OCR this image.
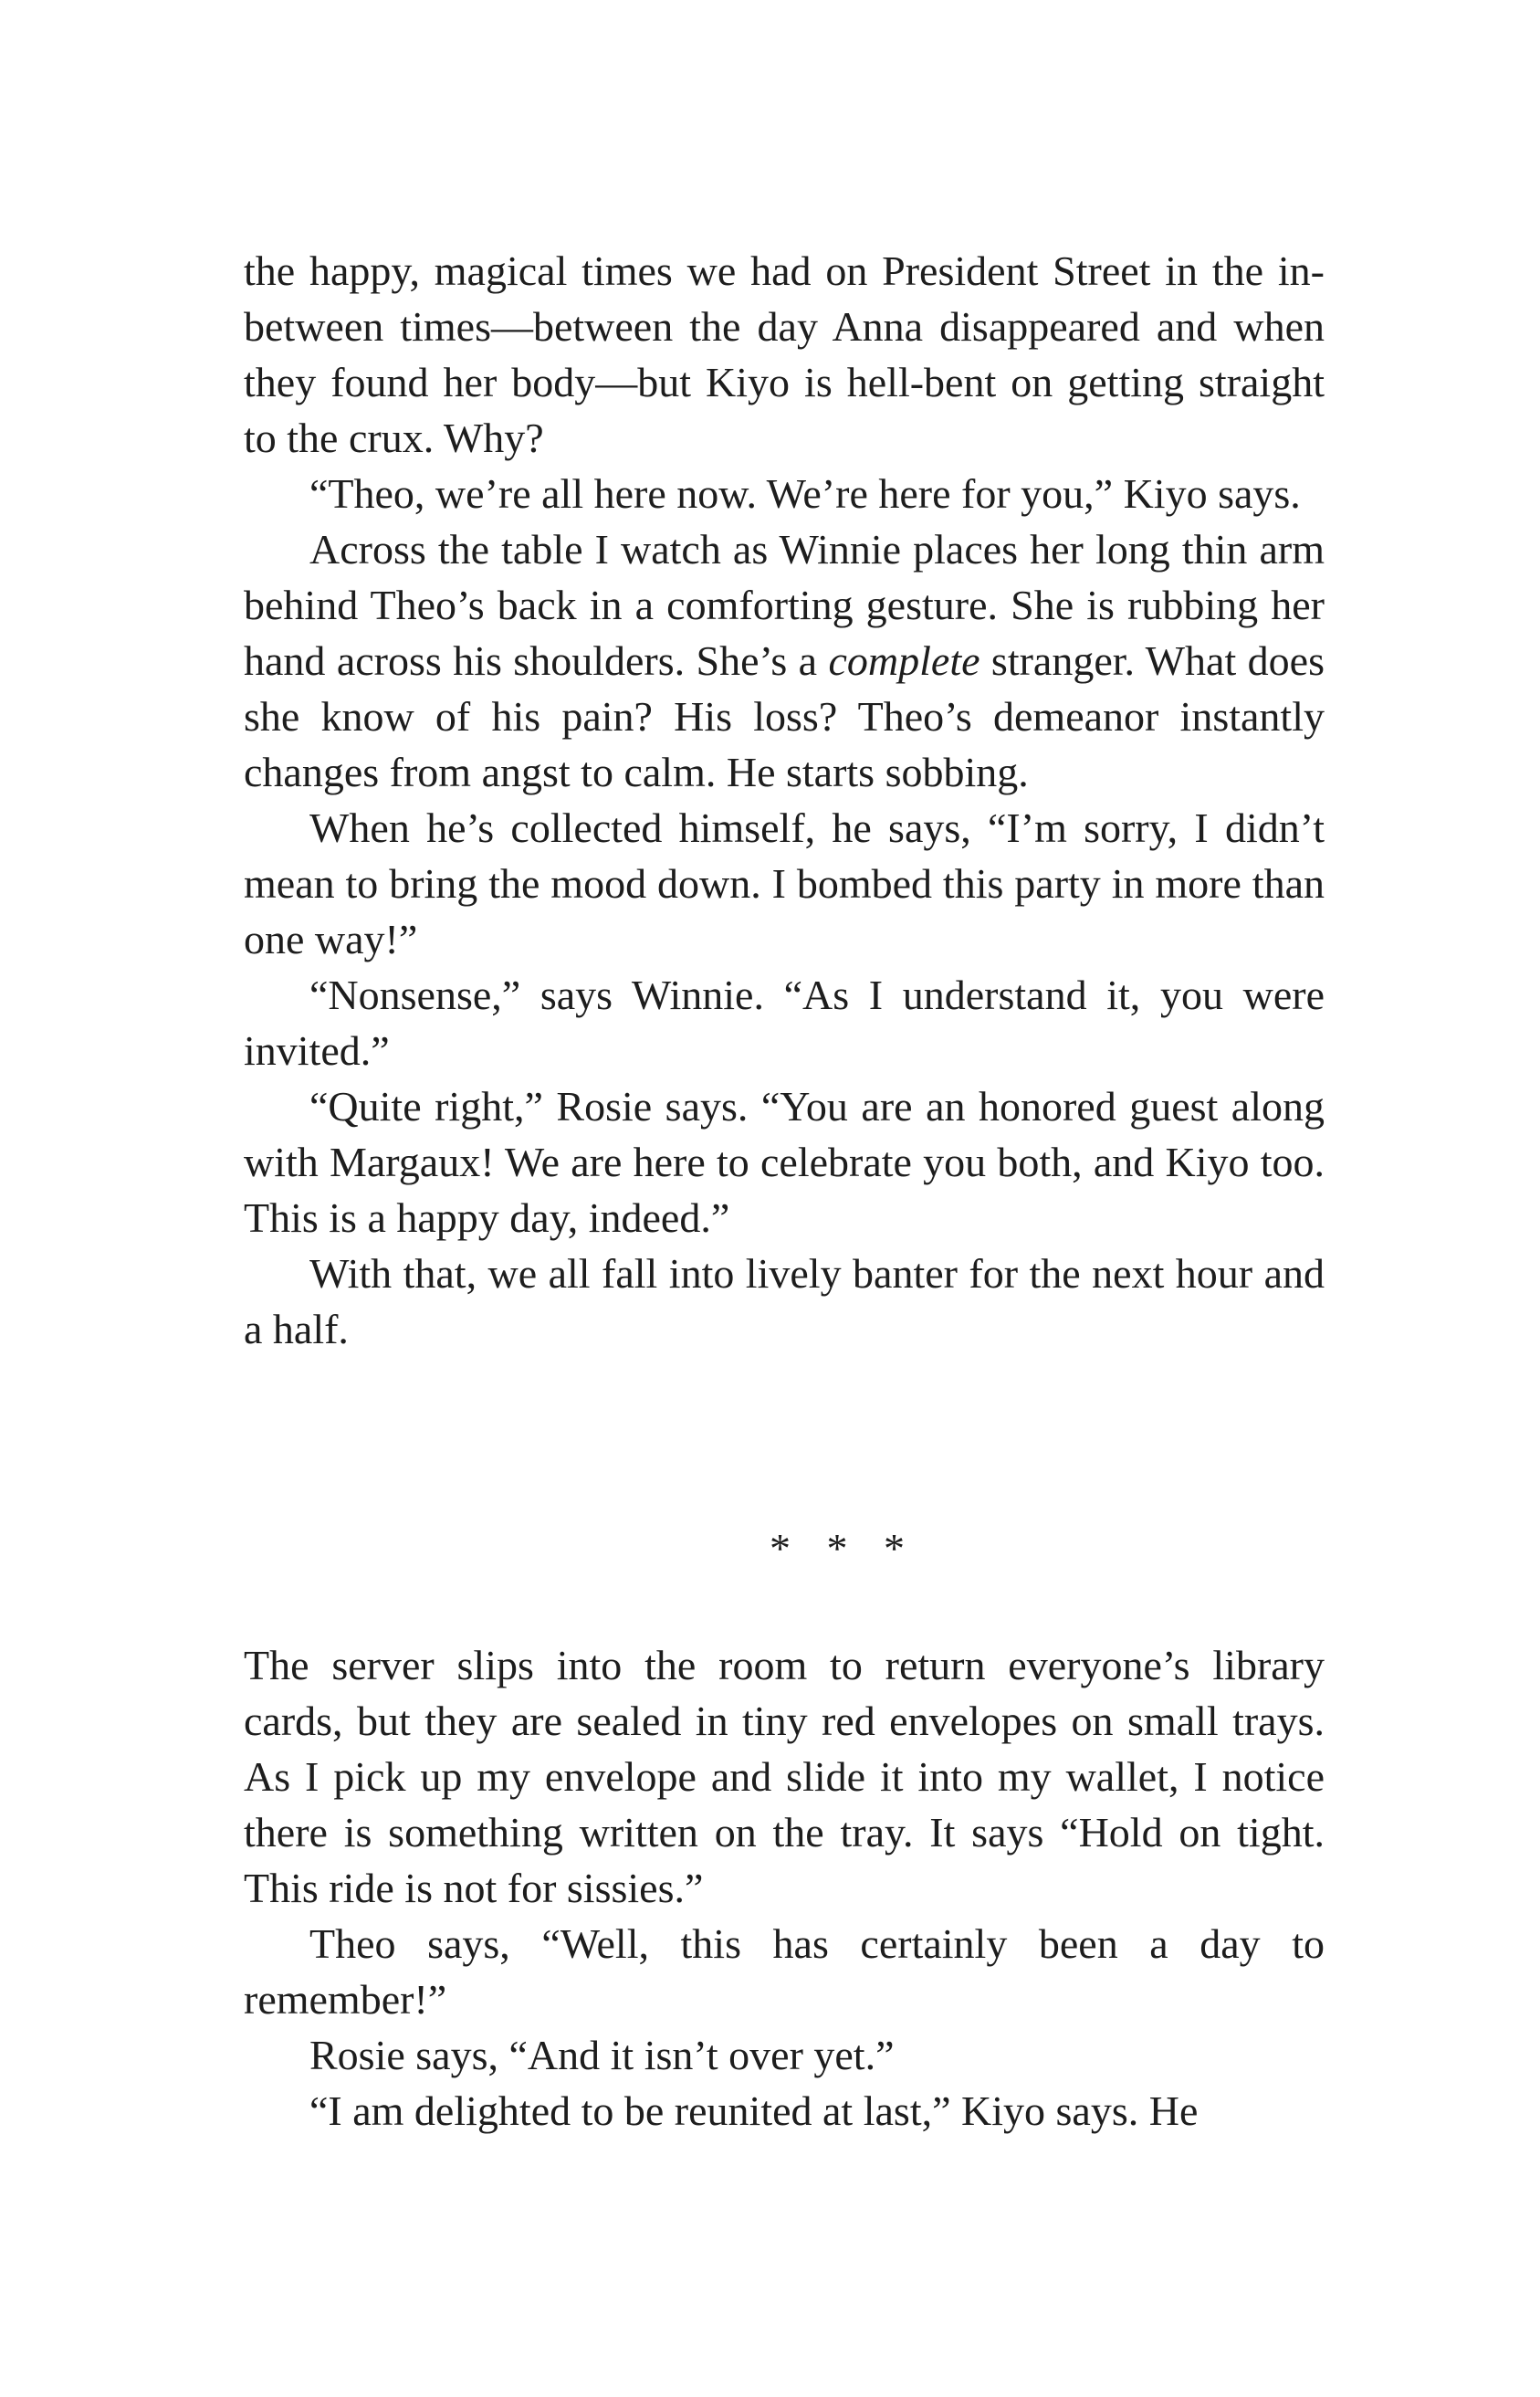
the happy, magical times we had on President Street in the in-between times—between the day Anna disappeared and when they found her body—but Kiyo is hell-bent on getting straight to the crux. Why?

“Theo, we’re all here now. We’re here for you,” Kiyo says.

Across the table I watch as Winnie places her long thin arm behind Theo’s back in a comforting gesture. She is rubbing her hand across his shoulders. She’s a complete stranger. What does she know of his pain? His loss? Theo’s demeanor instantly changes from angst to calm. He starts sobbing.

When he’s collected himself, he says, “I’m sorry, I didn’t mean to bring the mood down. I bombed this party in more than one way!”

“Nonsense,” says Winnie. “As I understand it, you were invited.”

“Quite right,” Rosie says. “You are an honored guest along with Margaux! We are here to celebrate you both, and Kiyo too. This is a happy day, indeed.”

With that, we all fall into lively banter for the next hour and a half.

* * *

The server slips into the room to return everyone’s library cards, but they are sealed in tiny red envelopes on small trays. As I pick up my envelope and slide it into my wallet, I notice there is something written on the tray. It says “Hold on tight. This ride is not for sissies.”

Theo says, “Well, this has certainly been a day to remember!”

Rosie says, “And it isn’t over yet.”

“I am delighted to be reunited at last,” Kiyo says. He
